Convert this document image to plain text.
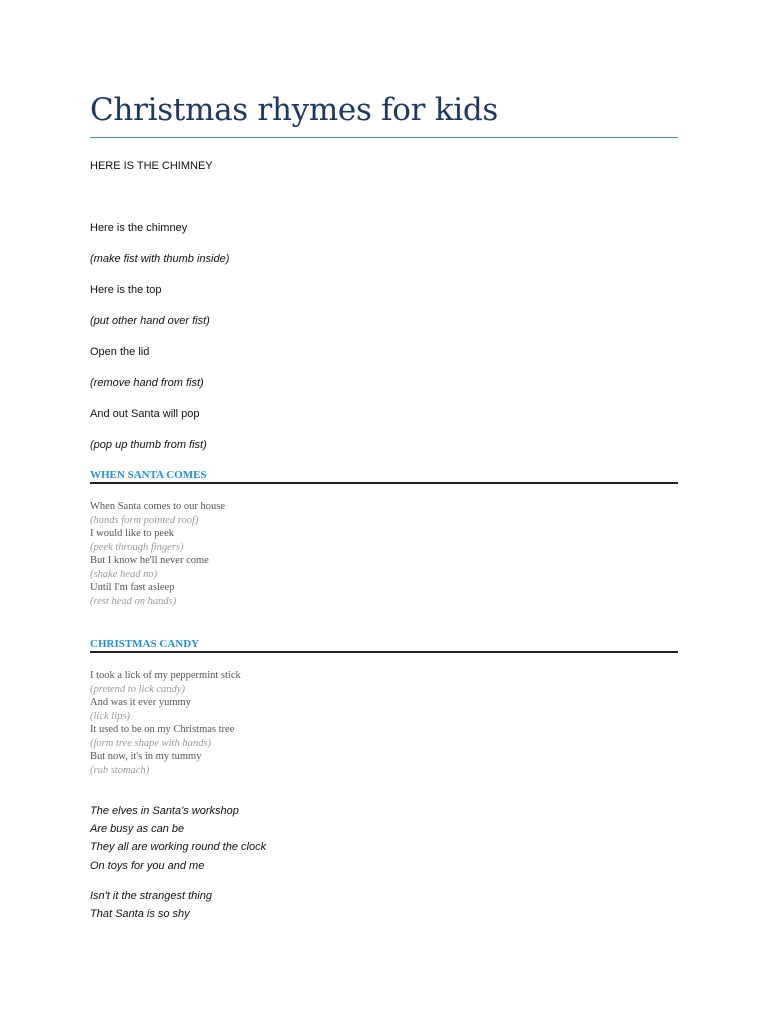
Christmas rhymes for kids
HERE IS THE CHIMNEY
Here is the chimney
(make fist with thumb inside)
Here is the top
(put other hand over fist)
Open the lid
(remove hand from fist)
And out Santa will pop
(pop up thumb from fist)
WHEN SANTA COMES
When Santa comes to our house
(hands form pointed roof)
I would like to peek
(peek through fingers)
But I know he'll never come
(shake head no)
Until I'm fast asleep
(rest head on hands)
CHRISTMAS CANDY
I took a lick of my peppermint stick
(pretend to lick candy)
And was it ever yummy
(lick lips)
It used to be on my Christmas tree
(form tree shape with hands)
But now, it's in my tummy
(rub stomach)
The elves in Santa's workshop
Are busy as can be
They all are working round the clock
On toys for you and me
Isn't it the strangest thing
That Santa is so shy
